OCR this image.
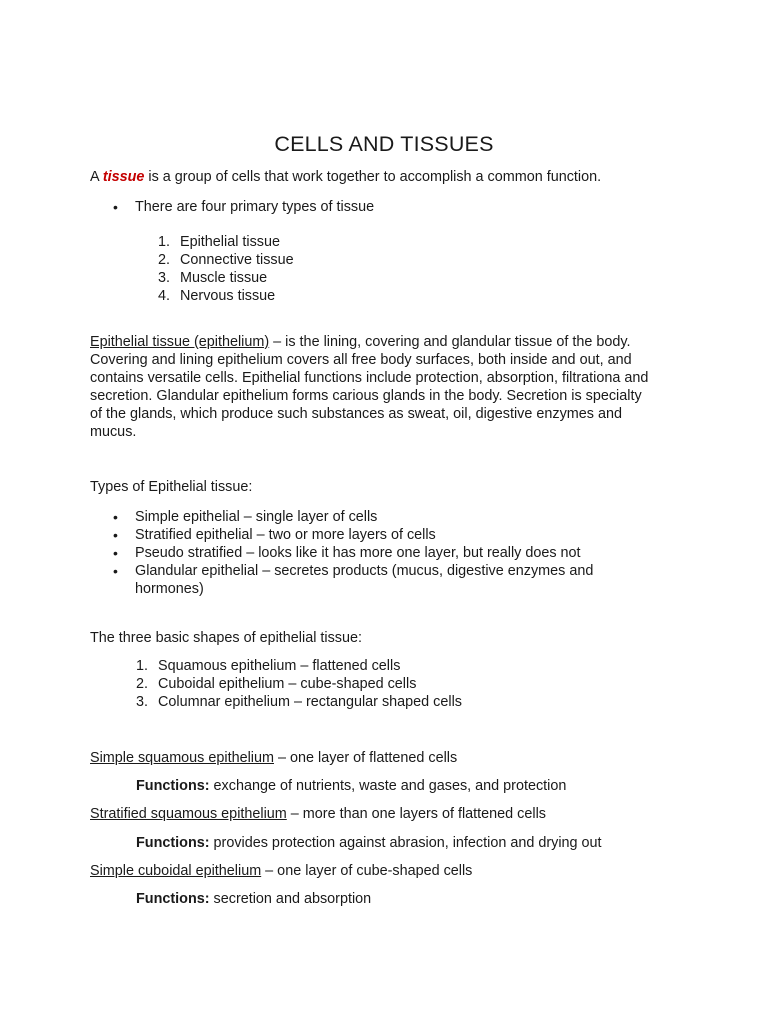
CELLS AND TISSUES

A tissue is a group of cells that work together to accomplish a common function.

• There are four primary types of tissue
1. Epithelial tissue
2. Connective tissue
3. Muscle tissue
4. Nervous tissue
Epithelial tissue (epithelium) – is the lining, covering and glandular tissue of the body.
Covering and lining epithelium covers all free body surfaces, both inside and out, and
contains versatile cells. Epithelial functions include protection, absorption, filtrationa and
secretion. Glandular epithelium forms carious glands in the body. Secretion is specialty
of the glands, which produce such substances as sweat, oil, digestive enzymes and
mucus.

Types of Epithelial tissue:

• Simple epithelial – single layer of cells
• Stratified epithelial – two or more layers of cells
• Pseudo stratified – looks like it has more one layer, but really does not
• Glandular epithelial – secretes products (mucus, digestive enzymes and
hormones)

The three basic shapes of epithelial tissue:

1. Squamous epithelium – flattened cells
2. Cuboidal epithelium – cube-shaped cells
3. Columnar epithelium – rectangular shaped cells

Simple squamous epithelium – one layer of flattened cells

Functions: exchange of nutrients, waste and gases, and protection

Stratified squamous epithelium – more than one layers of flattened cells

Functions: provides protection against abrasion, infection and drying out

Simple cuboidal epithelium – one layer of cube-shaped cells

Functions: secretion and absorption
